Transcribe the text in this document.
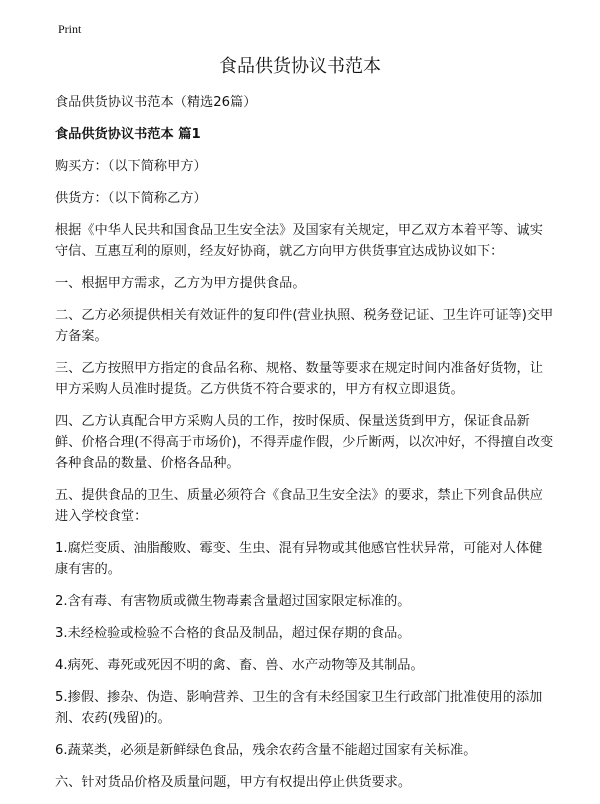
Print
食品供货协议书范本

食品供货协议书范本（精选26篇）

食品供货协议书范本 篇1

购买方：（以下简称甲方）

供货方：（以下简称乙方）

根据《中华人民共和国食品卫生安全法》及国家有关规定，甲乙双方本着平等、诚实守信、互惠互利的原则，经友好协商，就乙方向甲方供货事宜达成协议如下：

一、根据甲方需求，乙方为甲方提供食品。

二、乙方必须提供相关有效证件的复印件(营业执照、税务登记证、卫生许可证等)交甲方备案。

三、乙方按照甲方指定的食品名称、规格、数量等要求在规定时间内准备好货物，让甲方采购人员准时提货。乙方供货不符合要求的，甲方有权立即退货。

四、乙方认真配合甲方采购人员的工作，按时保质、保量送货到甲方，保证食品新鲜、价格合理(不得高于市场价)，不得弄虚作假，少斤断两，以次冲好，不得擅自改变各种食品的数量、价格各品种。

五、提供食品的卫生、质量必须符合《食品卫生安全法》的要求，禁止下列食品供应进入学校食堂：

1.腐烂变质、油脂酸败、霉变、生虫、混有异物或其他感官性状异常，可能对人体健康有害的。

2.含有毒、有害物质或微生物毒素含量超过国家限定标准的。

3.未经检验或检验不合格的食品及制品，超过保存期的食品。

4.病死、毒死或死因不明的禽、畜、兽、水产动物等及其制品。

5.掺假、掺杂、伪造、影响营养、卫生的含有未经国家卫生行政部门批准使用的添加剂、农药(残留)的。

6.蔬菜类，必须是新鲜绿色食品，残余农药含量不能超过国家有关标准。

六、针对货品价格及质量问题，甲方有权提出停止供货要求。
